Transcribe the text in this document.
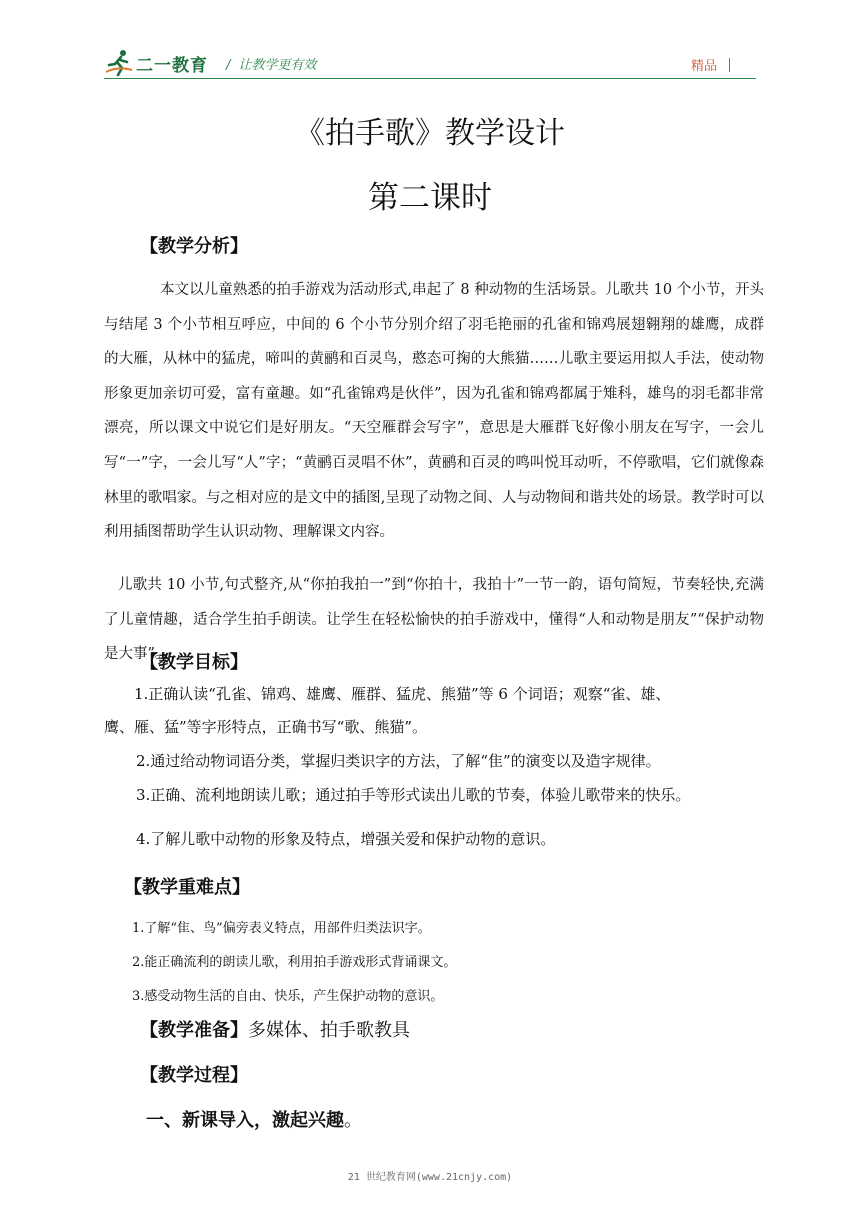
二一教育 / 让教学更有效	精品
《拍手歌》教学设计
第二课时
【教学分析】

本文以儿童熟悉的拍手游戏为活动形式,串起了 8 种动物的生活场景。儿歌共 10 个小节，开头与结尾 3 个小节相互呼应，中间的 6 个小节分别介绍了羽毛艳丽的孔雀和锦鸡展翅翱翔的雄鹰，成群的大雁，从林中的猛虎，啼叫的黄鹂和百灵鸟，憨态可掬的大熊猫……儿歌主要运用拟人手法，使动物形象更加亲切可爱，富有童趣。如“孔雀锦鸡是伙伴”，因为孔雀和锦鸡都属于雉科，雄鸟的羽毛都非常漂亮，所以课文中说它们是好朋友。“天空雁群会写字”，意思是大雁群飞好像小朋友在写字，一会儿写“一”字，一会儿写“人”字；“黄鹂百灵唱不休”，黄鹂和百灵的鸣叫悦耳动听，不停歌唱，它们就像森林里的歌唱家。与之相对应的是文中的插图,呈现了动物之间、人与动物间和谐共处的场景。教学时可以利用插图帮助学生认识动物、理解课文内容。

儿歌共 10 小节,句式整齐,从“你拍我拍一”到“你拍十，我拍十”一节一韵，语句简短，节奏轻快,充满了儿童情趣，适合学生拍手朗读。让学生在轻松愉快的拍手游戏中，懂得“人和动物是朋友”“保护动物是大事”。

【教学目标】
1.正确认读“孔雀、锦鸡、雄鹰、雁群、猛虎、熊猫”等 6 个词语；观察“雀、雄、
鹰、雁、猛”等字形特点，正确书写“歌、熊猫”。
2.通过给动物词语分类，掌握归类识字的方法，了解“隹”的演变以及造字规律。
3.正确、流利地朗读儿歌；通过拍手等形式读出儿歌的节奏，体验儿歌带来的快乐。
4.了解儿歌中动物的形象及特点，增强关爱和保护动物的意识。
【教学重难点】
1.了解“隹、鸟”偏旁表义特点，用部件归类法识字。
2.能正确流利的朗读儿歌，利用拍手游戏形式背诵课文。
3.感受动物生活的自由、快乐，产生保护动物的意识。
【教学准备】多媒体、拍手歌教具
【教学过程】
一、新课导入，激起兴趣。
21 世纪教育网(www.21cnjy.com)
